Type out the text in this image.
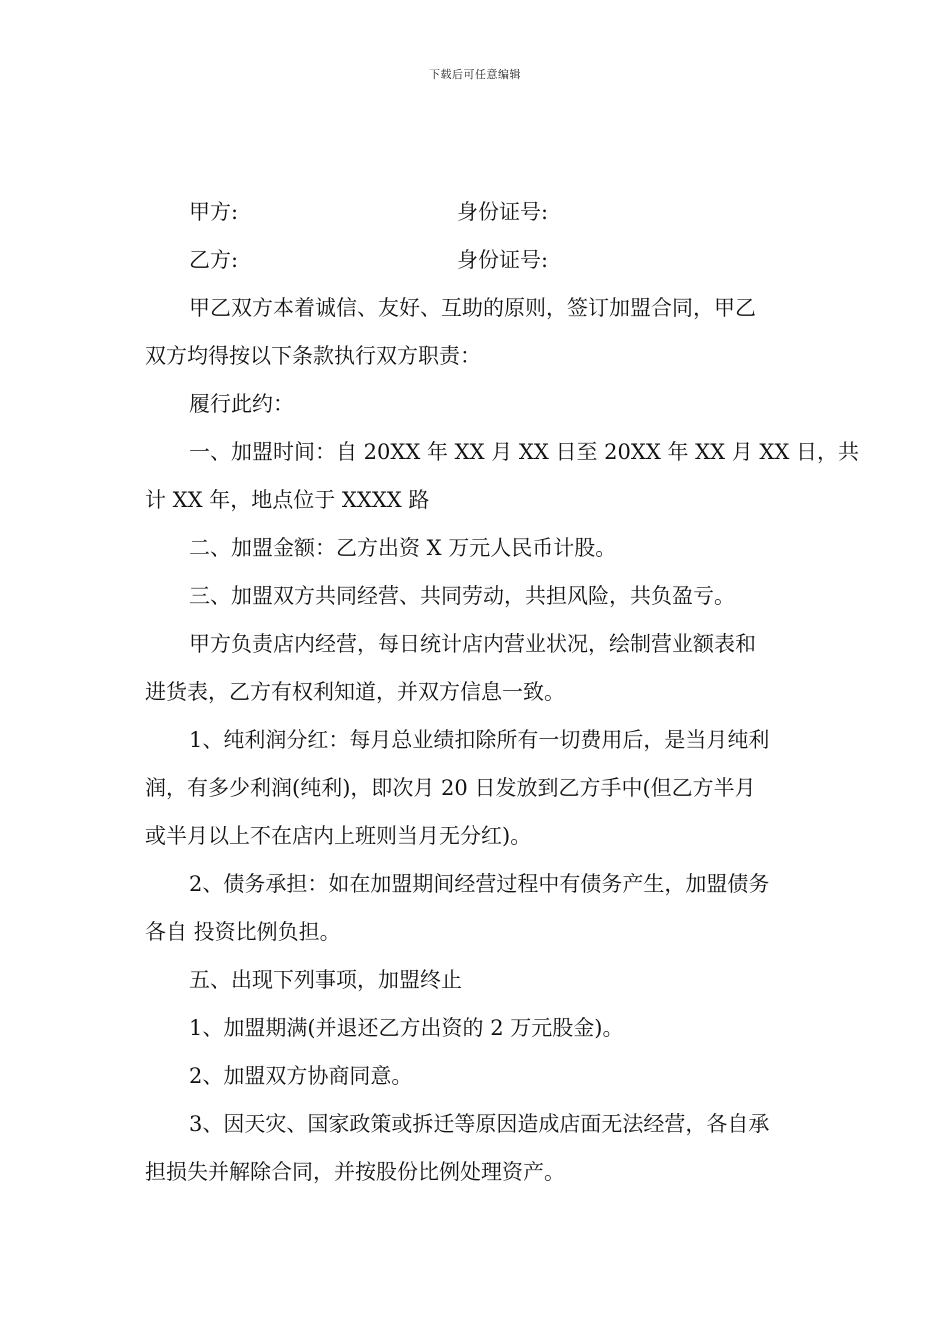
下载后可任意编辑
甲方:	身份证号:
乙方:	身份证号:
甲乙双方本着诚信、友好、互助的原则，签订加盟合同，甲乙
双方均得按以下条款执行双方职责：
履行此约：
一、加盟时间：自 20XX 年 XX 月 XX 日至 20XX 年 XX 月 XX 日，共
计 XX 年，地点位于 XXXX 路
二、加盟金额：乙方出资 X 万元人民币计股。
三、加盟双方共同经营、共同劳动，共担风险，共负盈亏。
甲方负责店内经营，每日统计店内营业状况，绘制营业额表和
进货表，乙方有权利知道，并双方信息一致。
1、纯利润分红：每月总业绩扣除所有一切费用后，是当月纯利
润，有多少利润(纯利)，即次月 20 日发放到乙方手中(但乙方半月
或半月以上不在店内上班则当月无分红)。
2、债务承担：如在加盟期间经营过程中有债务产生，加盟债务
各自 投资比例负担。
五、出现下列事项，加盟终止
1、加盟期满(并退还乙方出资的 2 万元股金)。
2、加盟双方协商同意。
3、因天灾、国家政策或拆迁等原因造成店面无法经营，各自承
担损失并解除合同，并按股份比例处理资产。
